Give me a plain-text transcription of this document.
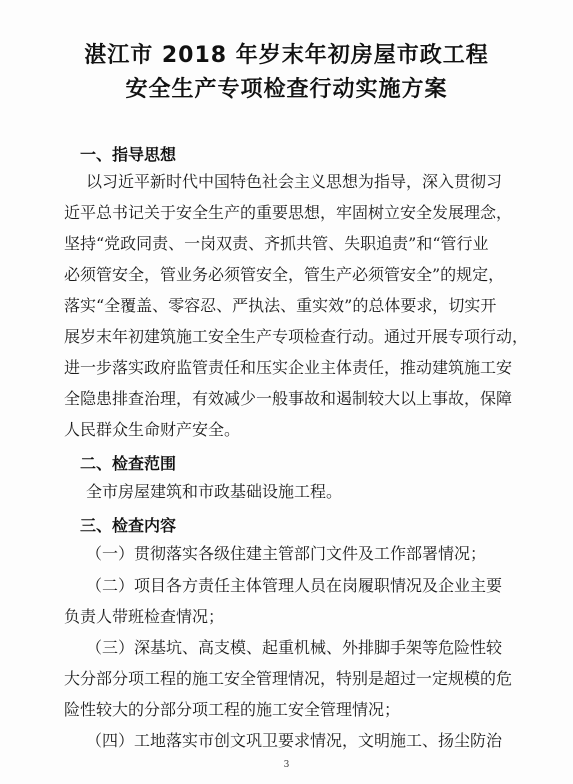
湛江市 2018 年岁末年初房屋市政工程
安全生产专项检查行动实施方案
一、指导思想
以习近平新时代中国特色社会主义思想为指导，深入贯彻习
近平总书记关于安全生产的重要思想，牢固树立安全发展理念，
坚持“党政同责、一岗双责、齐抓共管、失职追责”和“管行业
必须管安全，管业务必须管安全，管生产必须管安全”的规定，
落实“全覆盖、零容忍、严执法、重实效”的总体要求，切实开
展岁末年初建筑施工安全生产专项检查行动。通过开展专项行动，
进一步落实政府监管责任和压实企业主体责任，推动建筑施工安
全隐患排查治理，有效减少一般事故和遏制较大以上事故，保障
人民群众生命财产安全。
二、检查范围
全市房屋建筑和市政基础设施工程。
三、检查内容
（一）贯彻落实各级住建主管部门文件及工作部署情况；
（二）项目各方责任主体管理人员在岗履职情况及企业主要
负责人带班检查情况；
（三）深基坑、高支模、起重机械、外排脚手架等危险性较
大分部分项工程的施工安全管理情况，特别是超过一定规模的危
险性较大的分部分项工程的施工安全管理情况；
（四）工地落实市创文巩卫要求情况，文明施工、扬尘防治
3
